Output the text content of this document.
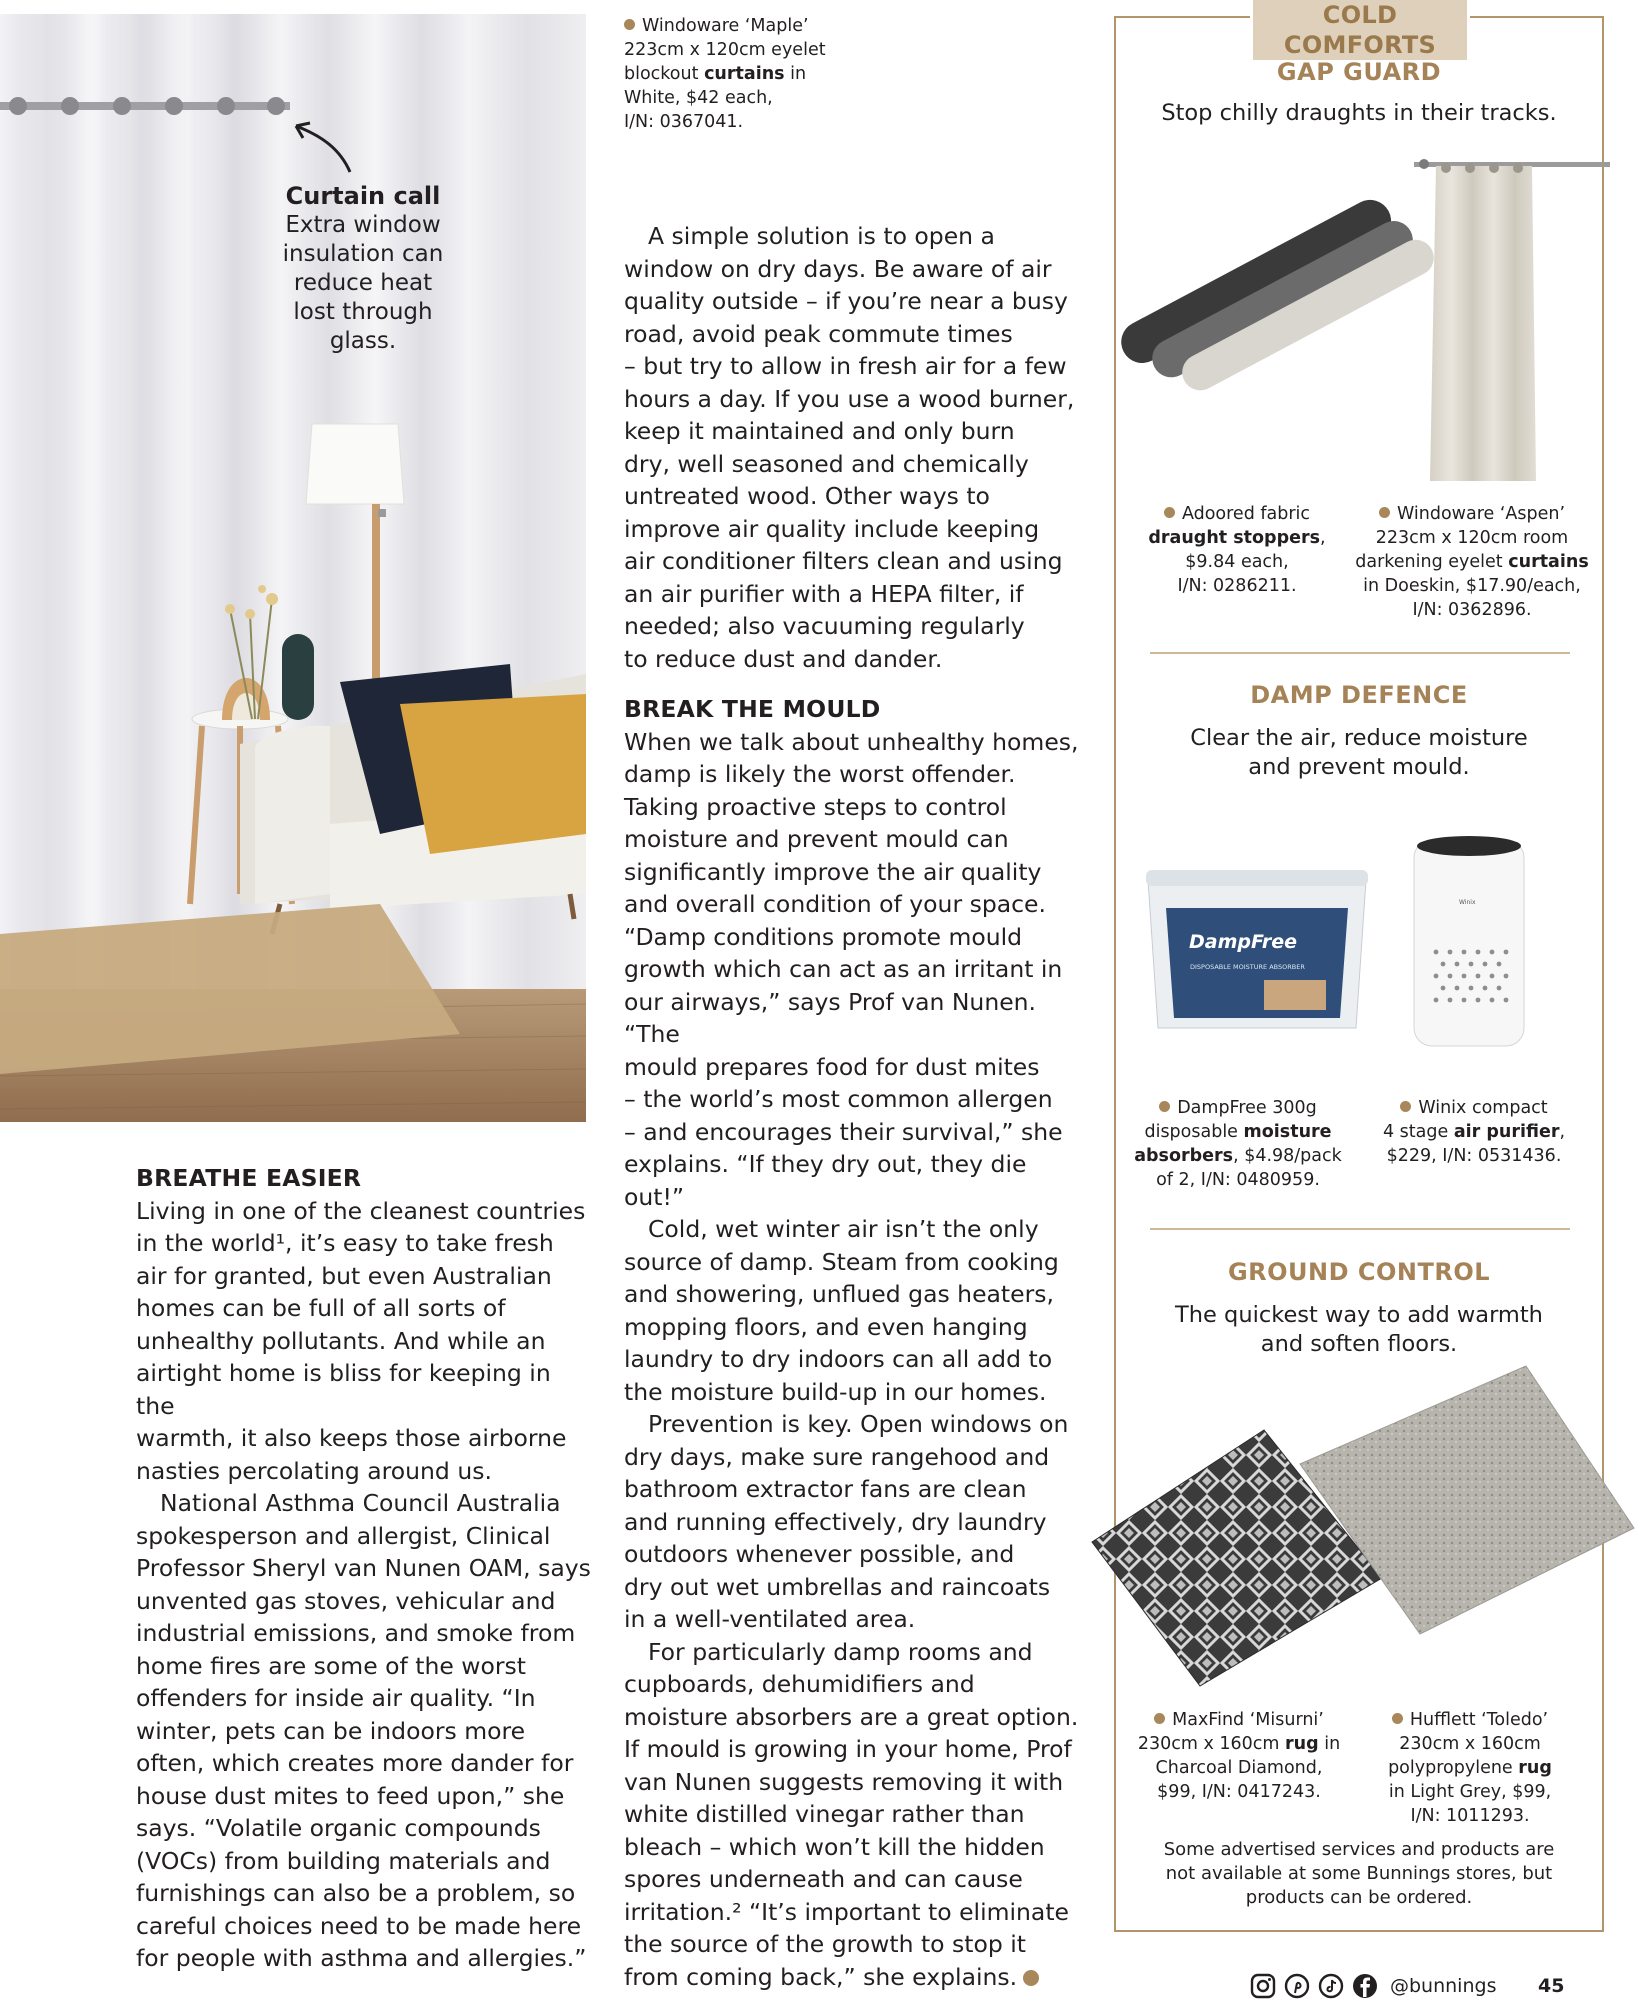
Curtain call
Extra window
insulation can
reduce heat
lost through
glass.
Windoware ‘Maple’
223cm x 120cm eyelet
blockout curtains in
White, $42 each,
I/N: 0367041.
A simple solution is to open a
window on dry days. Be aware of air
quality outside – if you’re near a busy
road, avoid peak commute times
– but try to allow in fresh air for a few
hours a day. If you use a wood burner,
keep it maintained and only burn
dry, well seasoned and chemically
untreated wood. Other ways to
improve air quality include keeping
air conditioner filters clean and using
an air purifier with a HEPA filter, if
needed; also vacuuming regularly
to reduce dust and dander.
BREAK THE MOULD
When we talk about unhealthy homes,
damp is likely the worst offender.
Taking proactive steps to control
moisture and prevent mould can
significantly improve the air quality
and overall condition of your space.
“Damp conditions promote mould
growth which can act as an irritant in
our airways,” says Prof van Nunen. “The
mould prepares food for dust mites
– the world’s most common allergen
– and encourages their survival,” she
explains. “If they dry out, they die out!”
Cold, wet winter air isn’t the only
source of damp. Steam from cooking
and showering, unflued gas heaters,
mopping floors, and even hanging
laundry to dry indoors can all add to
the moisture build-up in our homes.
Prevention is key. Open windows on
dry days, make sure rangehood and
bathroom extractor fans are clean
and running effectively, dry laundry
outdoors whenever possible, and
dry out wet umbrellas and raincoats
in a well-ventilated area.
For particularly damp rooms and
cupboards, dehumidifiers and
moisture absorbers are a great option.
If mould is growing in your home, Prof
van Nunen suggests removing it with
white distilled vinegar rather than
bleach – which won’t kill the hidden
spores underneath and can cause
irritation.² “It’s important to eliminate
the source of the growth to stop it
from coming back,” she explains.
BREATHE EASIER
Living in one of the cleanest countries
in the world¹, it’s easy to take fresh
air for granted, but even Australian
homes can be full of all sorts of
unhealthy pollutants. And while an
airtight home is bliss for keeping in the
warmth, it also keeps those airborne
nasties percolating around us.
National Asthma Council Australia
spokesperson and allergist, Clinical
Professor Sheryl van Nunen OAM, says
unvented gas stoves, vehicular and
industrial emissions, and smoke from
home fires are some of the worst
offenders for inside air quality. “In
winter, pets can be indoors more
often, which creates more dander for
house dust mites to feed upon,” she
says. “Volatile organic compounds
(VOCs) from building materials and
furnishings can also be a problem, so
careful choices need to be made here
for people with asthma and allergies.”
COLD COMFORTS
GAP GUARD
Stop chilly draughts in their tracks.
Adoored fabric
draught stoppers,
$9.84 each,
I/N: 0286211.
Windoware ‘Aspen’
223cm x 120cm room
darkening eyelet curtains
in Doeskin, $17.90/each,
I/N: 0362896.
DAMP DEFENCE
Clear the air, reduce moisture
and prevent mould.
DampFree
DISPOSABLE MOISTURE ABSORBER
Winix
DampFree 300g
disposable moisture
absorbers, $4.98/pack
of 2, I/N: 0480959.
Winix compact
4 stage air purifier,
$229, I/N: 0531436.
GROUND CONTROL
The quickest way to add warmth
and soften floors.
MaxFind ‘Misurni’
230cm x 160cm rug in
Charcoal Diamond,
$99, I/N: 0417243.
Hufflett ‘Toledo’
230cm x 160cm
polypropylene rug
in Light Grey, $99,
I/N: 1011293.
Some advertised services and products are
not available at some Bunnings stores, but
products can be ordered.
@bunnings 45
